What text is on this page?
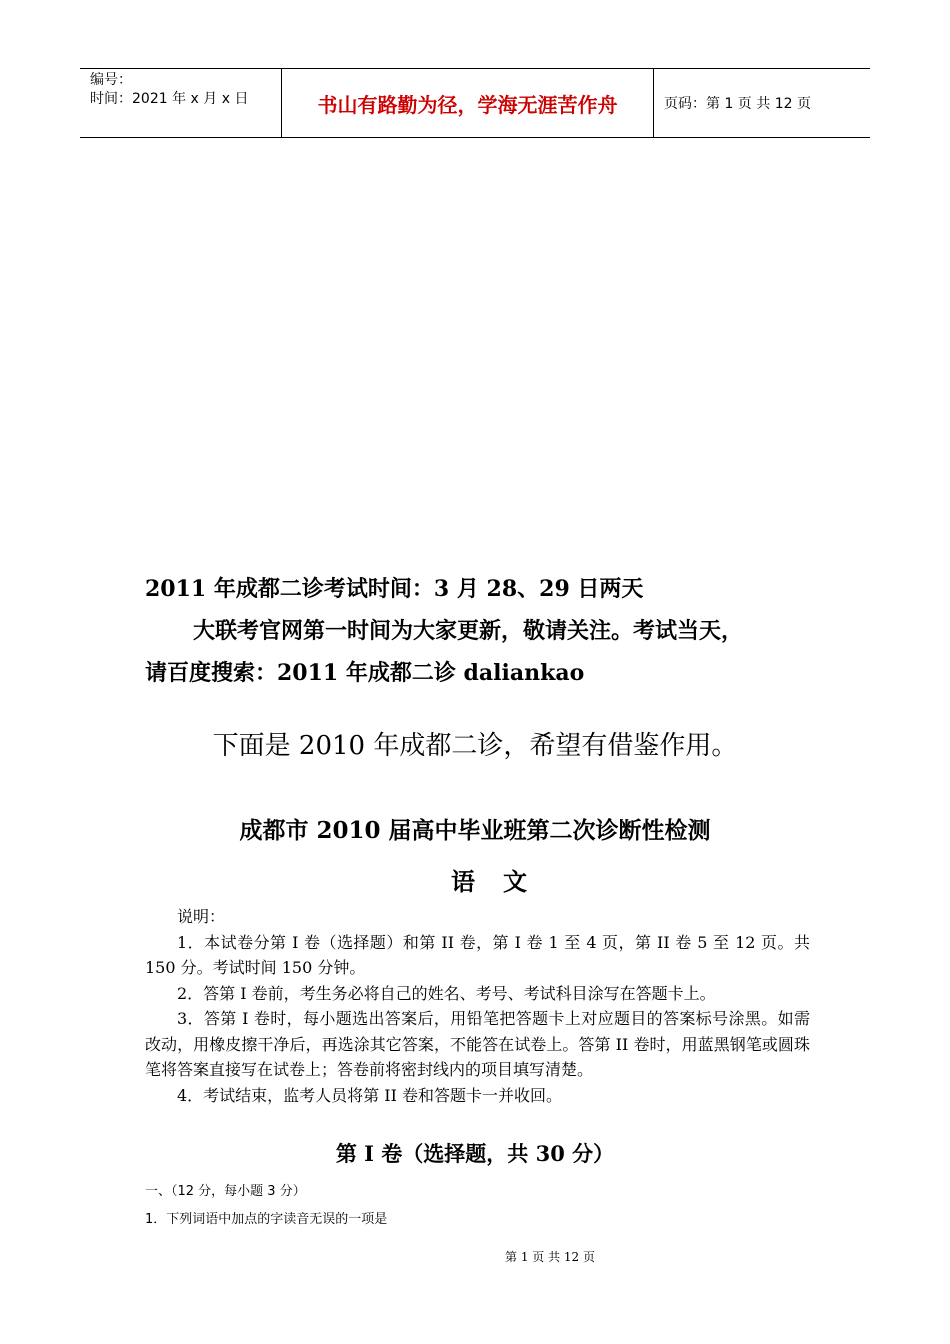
编号：
时间：2021 年 x 月 x 日	书山有路勤为径，学海无涯苦作舟	页码：第 1 页 共 12 页
2011 年成都二诊考试时间：3 月 28、29 日两天
大联考官网第一时间为大家更新，敬请关注。考试当天，
请百度搜索：2011 年成都二诊 daliankao
下面是 2010 年成都二诊，希望有借鉴作用。
成都市 2010 届高中毕业班第二次诊断性检测
语文

说明：

1．本试卷分第 I 卷（选择题）和第 II 卷，第 I 卷 1 至 4 页，第 II 卷 5 至 12 页。共 150 分。考试时间 150 分钟。

2．答第 I 卷前，考生务必将自己的姓名、考号、考试科目涂写在答题卡上。

3．答第 I 卷时，每小题选出答案后，用铅笔把答题卡上对应题目的答案标号涂黑。如需改动，用橡皮擦干净后，再选涂其它答案，不能答在试卷上。答第 II 卷时，用蓝黑钢笔或圆珠笔将答案直接写在试卷上；答卷前将密封线内的项目填写清楚。

4．考试结束，监考人员将第 II 卷和答题卡一并收回。

第 I 卷（选择题，共 30 分）
一、（12 分，每小题 3 分）
1．下列词语中加点的字读音无误的一项是
第 1 页 共 12 页
